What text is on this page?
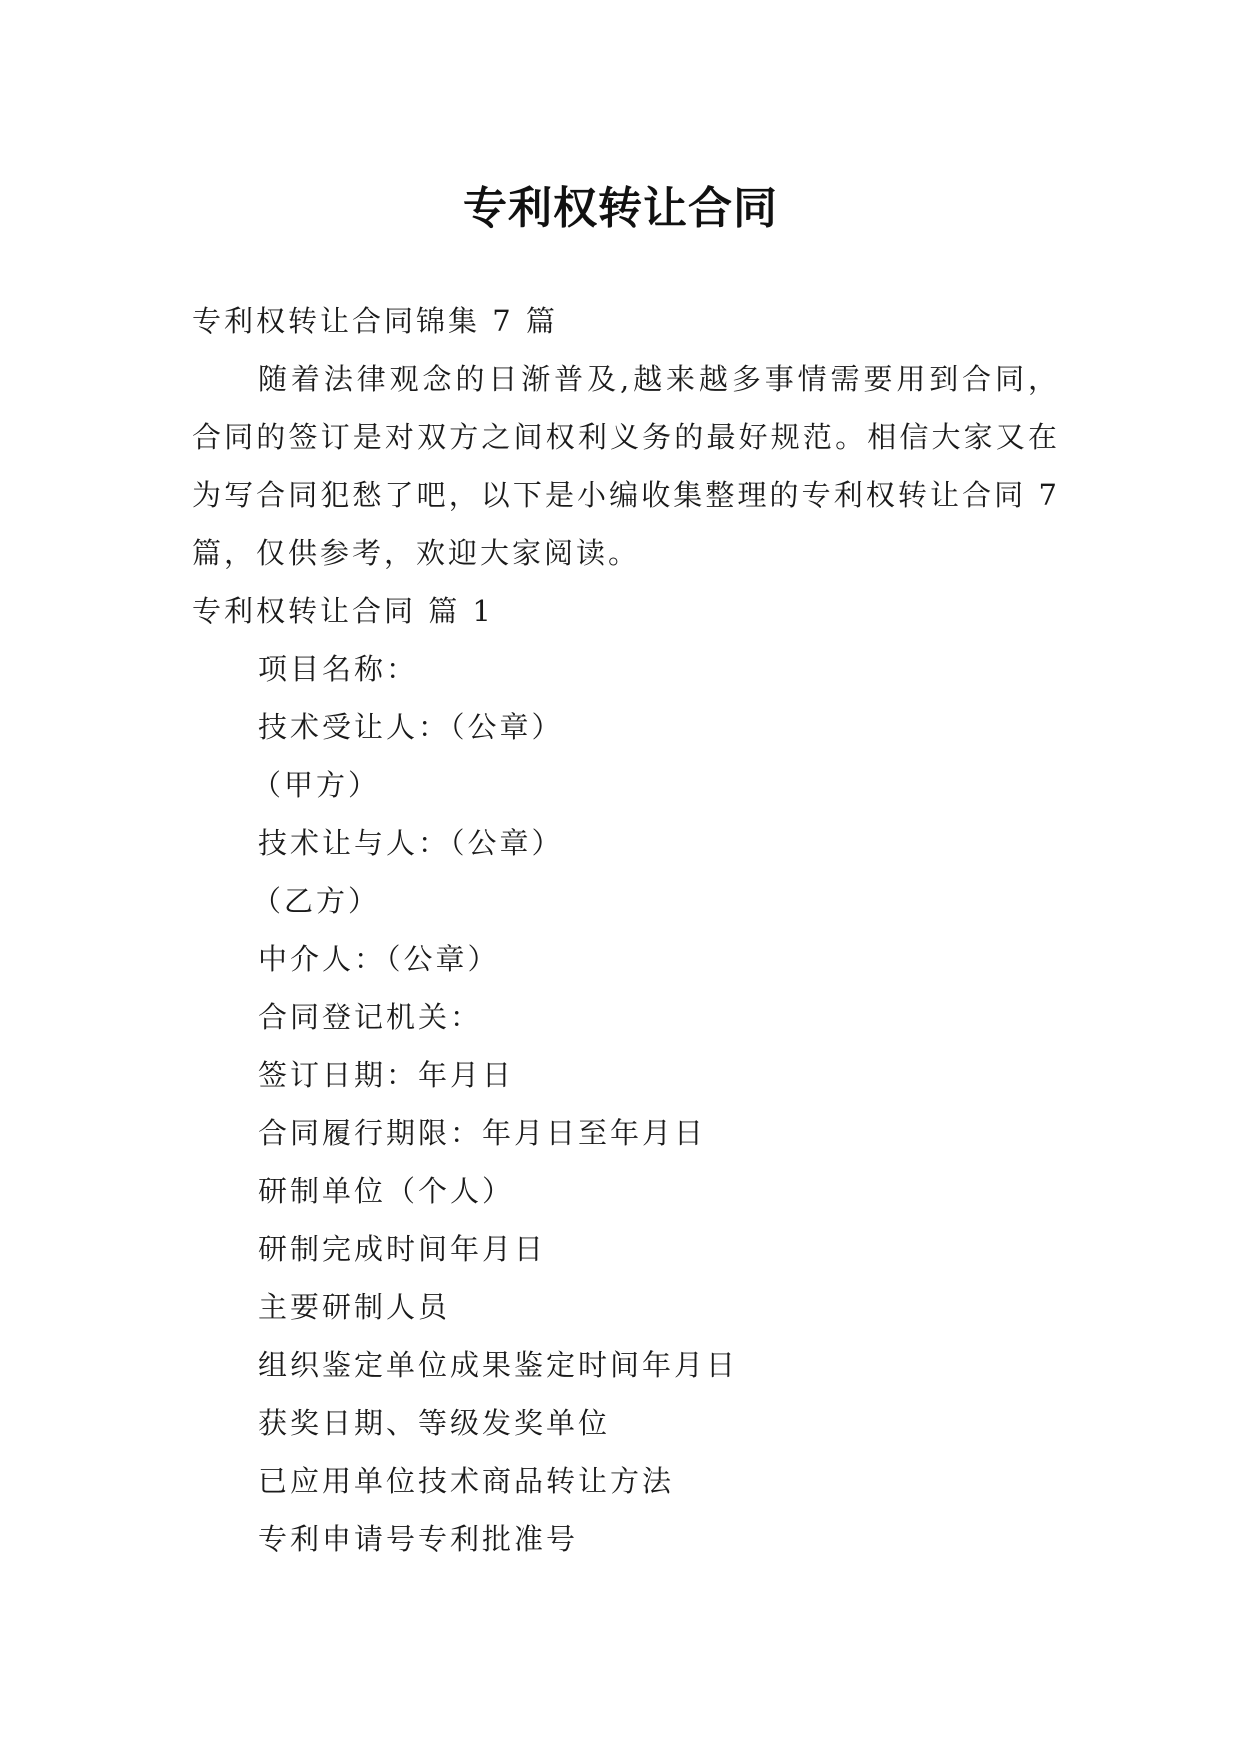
专利权转让合同

专利权转让合同锦集 7 篇

随着法律观念的日渐普及,越来越多事情需要用到合同，合同的签订是对双方之间权利义务的最好规范。相信大家又在为写合同犯愁了吧，以下是小编收集整理的专利权转让合同 7 篇，仅供参考，欢迎大家阅读。

专利权转让合同 篇 1

项目名称：

技术受让人：（公章）

（甲方）

技术让与人：（公章）

（乙方）

中介人：（公章）

合同登记机关：

签订日期：年月日

合同履行期限：年月日至年月日

研制单位（个人）

研制完成时间年月日

主要研制人员

组织鉴定单位成果鉴定时间年月日

获奖日期、等级发奖单位

已应用单位技术商品转让方法

专利申请号专利批准号
